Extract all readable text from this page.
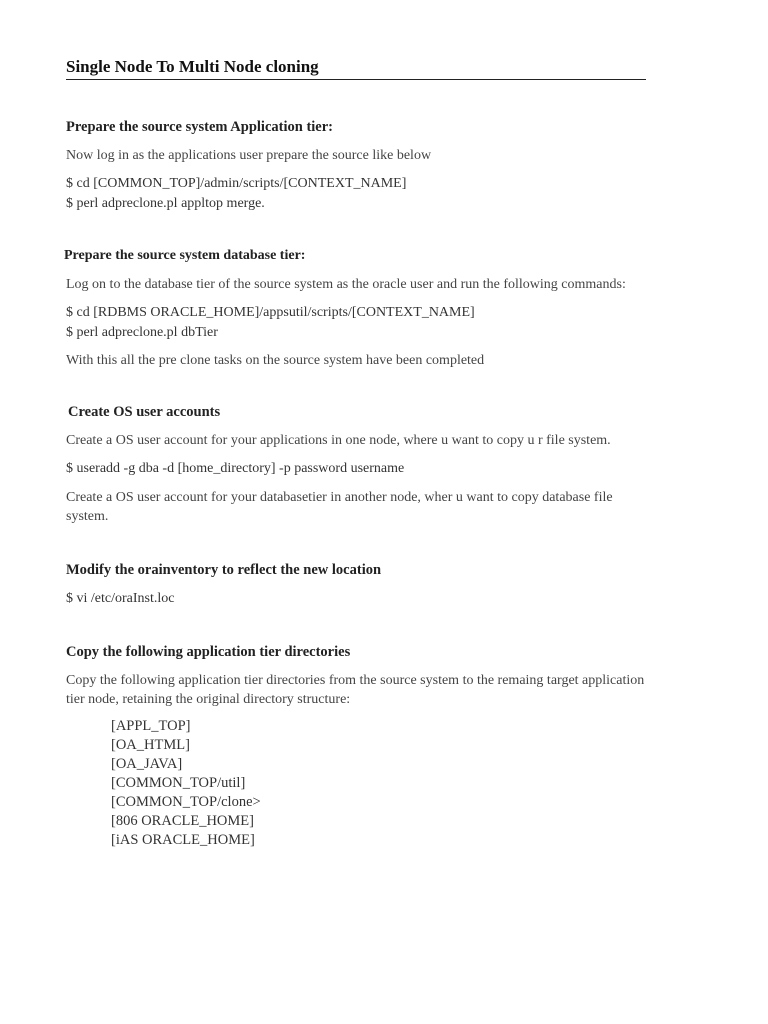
Single Node To Multi Node cloning
Prepare the source system Application tier:

Now log in as the applications user prepare the source like below

$ cd [COMMON_TOP]/admin/scripts/[CONTEXT_NAME]

$ perl adpreclone.pl appltop merge.

Prepare the source system database tier:

Log on to the database tier of the source system as the oracle user and run the following commands:

$ cd [RDBMS ORACLE_HOME]/appsutil/scripts/[CONTEXT_NAME]

$ perl adpreclone.pl dbTier

With this all the pre clone tasks on the source system have been completed

Create OS user accounts

Create a OS user account for your applications in one node, where u want to copy u r file system.

$ useradd -g dba -d [home_directory] -p password username

Create a OS user account for your databasetier in another node, wher u want to copy database file system.

Modify the orainventory to reflect the new location

$ vi /etc/oraInst.loc

Copy the following application tier directories

Copy the following application tier directories from the source system to the remaing target application tier node, retaining the original directory structure:

[APPL_TOP]
[OA_HTML]
[OA_JAVA]
[COMMON_TOP/util]
[COMMON_TOP/clone>
[806 ORACLE_HOME]
[iAS ORACLE_HOME]
